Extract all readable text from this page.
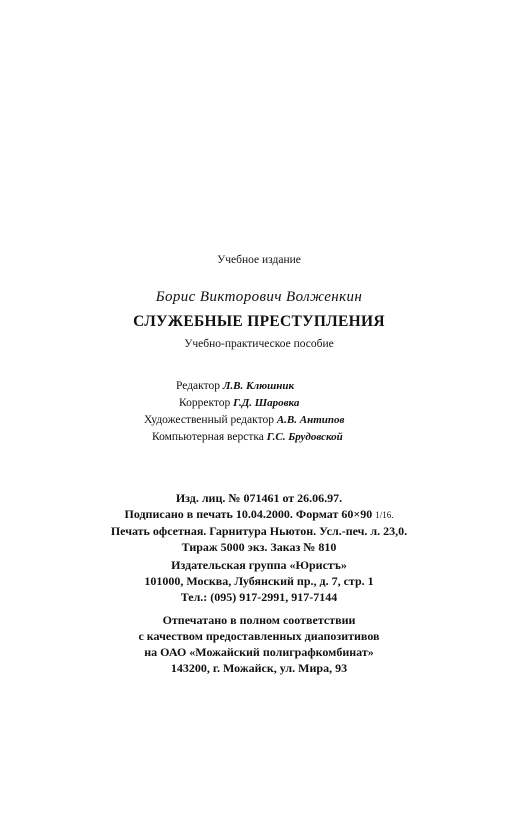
Учебное издание
Борис Викторович Волженкин
СЛУЖЕБНЫЕ ПРЕСТУПЛЕНИЯ
Учебно-практическое пособие
Редактор Л.В. Клюшник
Корректор Г.Д. Шаровка
Художественный редактор А.В. Антипов
Компьютерная верстка Г.С. Брудовской
Изд. лиц. № 071461 от 26.06.97.
Подписано в печать 10.04.2000. Формат 60×90 1/16.
Печать офсетная. Гарнитура Ньютон. Усл.-печ. л. 23,0.
Тираж 5000 экз. Заказ № 810
Издательская группа «Юристъ»
101000, Москва, Лубянский пр., д. 7, стр. 1
Тел.: (095) 917-2991, 917-7144
Отпечатано в полном соответствии
с качеством предоставленных диапозитивов
на ОАО «Можайский полиграфкомбинат»
143200, г. Можайск, ул. Мира, 93
